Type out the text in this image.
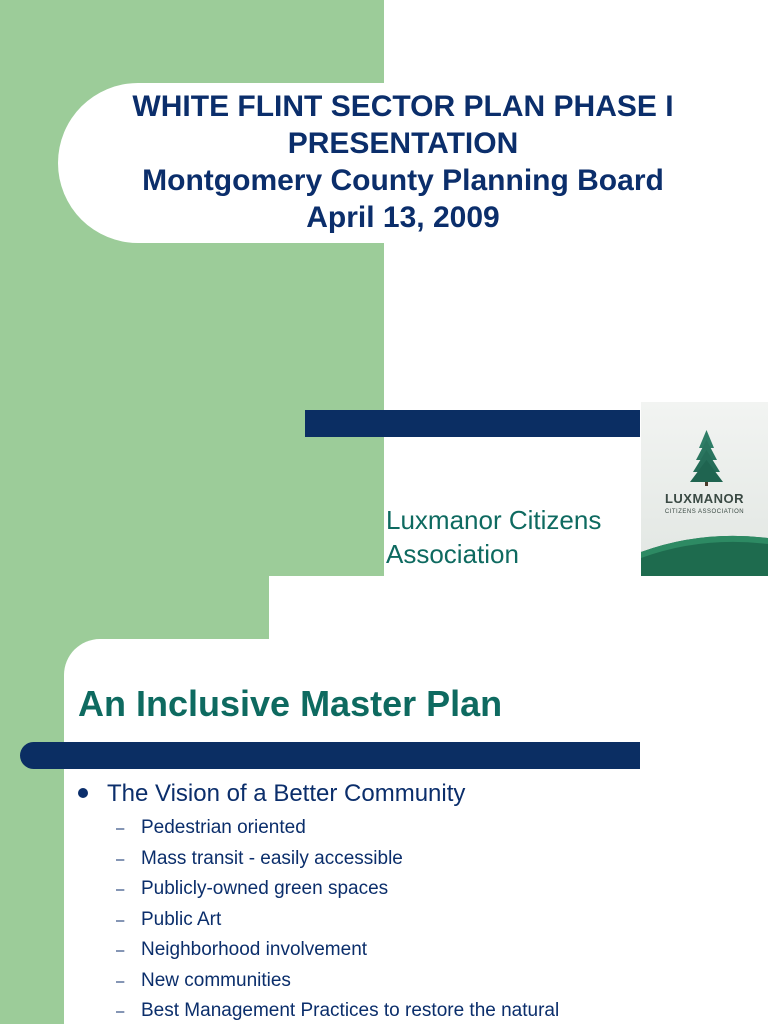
WHITE FLINT SECTOR PLAN PHASE I
PRESENTATION
Montgomery County Planning Board
April 13, 2009
Luxmanor Citizens
Association
LUXMANOR
CITIZENS ASSOCIATION
An Inclusive Master Plan
The Vision of a Better Community
– Pedestrian oriented
– Mass transit - easily accessible
– Publicly-owned green spaces
– Public Art
– Neighborhood involvement
– New communities
– Best Management Practices to restore the natural
